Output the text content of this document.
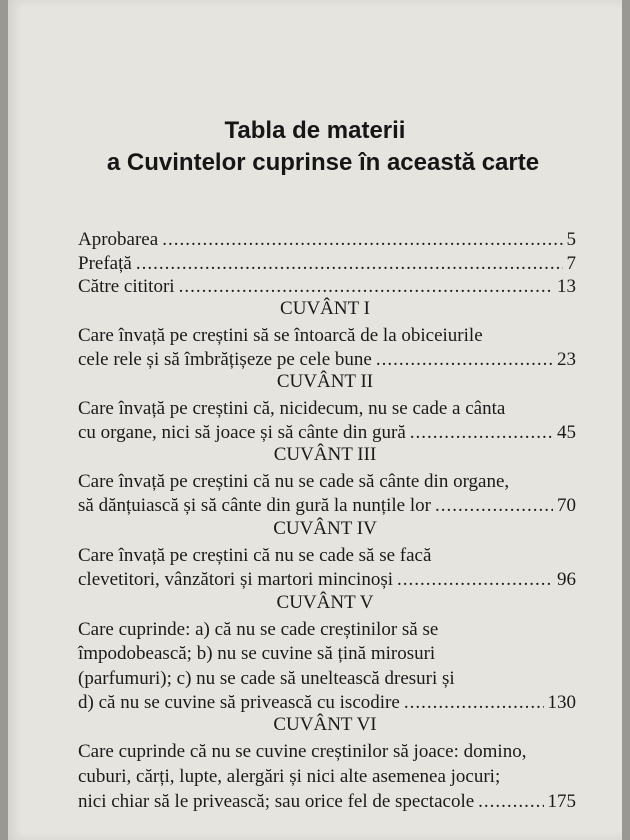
Tabla de materii
a Cuvintelor cuprinse în această carte
Aprobarea .....	5
Prefață .....	7
Către cititori .....	13
CUVÂNT I
Care învață pe creștini să se întoarcă de la obiceiurile
cele rele și să îmbrățișeze pe cele bune .....	23
CUVÂNT II
Care învață pe creștini că, nicidecum, nu se cade a cânta
cu organe, nici să joace și să cânte din gură .....	45
CUVÂNT III
Care învață pe creștini că nu se cade să cânte din organe,
să dănțuiască și să cânte din gură la nunțile lor .....	70
CUVÂNT IV
Care învață pe creștini că nu se cade să se facă
clevetitori, vânzători și martori mincinoși .....	96
CUVÂNT V
Care cuprinde: a) că nu se cade creștinilor să se
împodobească; b) nu se cuvine să țină mirosuri
(parfumuri); c) nu se cade să uneltească dresuri și
d) că nu se cuvine să privească cu iscodire .....	130
CUVÂNT VI
Care cuprinde că nu se cuvine creștinilor să joace: domino,
cuburi, cărți, lupte, alergări și nici alte asemenea jocuri;
nici chiar să le privească; sau orice fel de spectacole .....	175
